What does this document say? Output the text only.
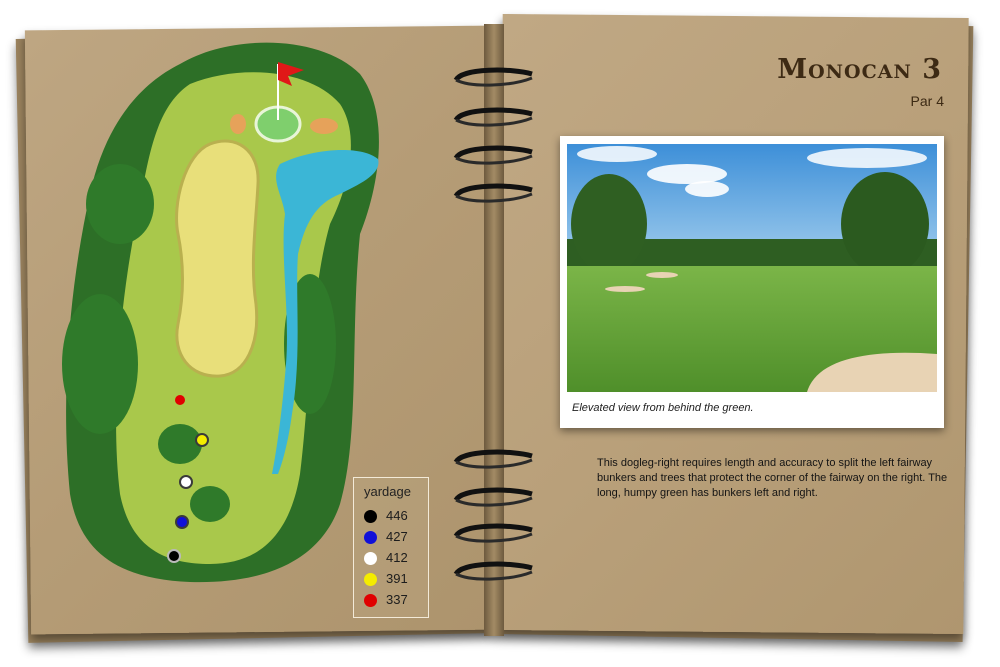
yardage
446
427
412
391
337
Monocan 3
Par 4
Elevated view from behind the green.
This dogleg-right requires length and accuracy to split the left fairway bunkers and trees that protect the corner of the fairway on the right. The long, humpy green has bunkers left and right.
